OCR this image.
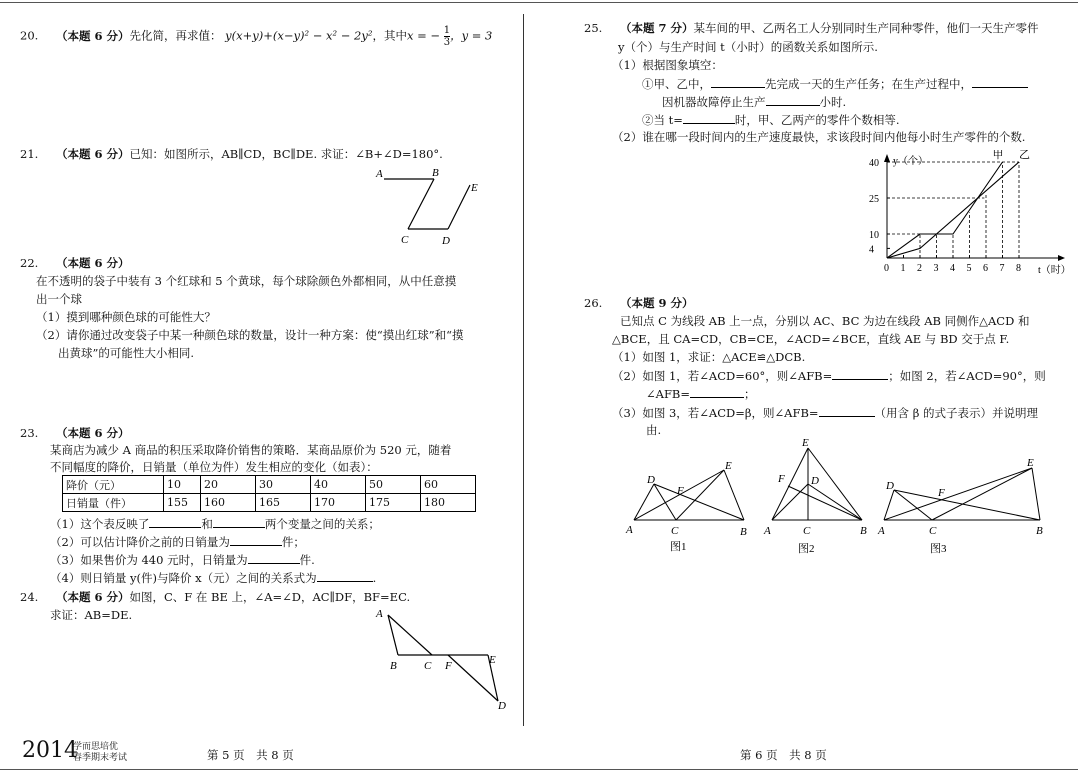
20. （本题 6 分）先化简，再求值： y(x+y)+(x−y)² − x² − 2y²，其中x = − $\frac{1}{3}$ ，y = 3
21. （本题 6 分）已知：如图所示，AB∥CD，BC∥DE. 求证：∠B+∠D=180°.
A	B
C	D
E
22. （本题 6 分）
在不透明的袋子中装有 3 个红球和 5 个黄球，每个球除颜色外都相同，从中任意摸
出一个球
（1）摸到哪种颜色球的可能性大？
（2）请你通过改变袋子中某一种颜色球的数量，设计一种方案：使“摸出红球”和“摸
出黄球”的可能性大小相同.
23. （本题 6 分）
某商店为减少 A 商品的积压采取降价销售的策略．某商品原价为 520 元，随着
不同幅度的降价，日销量（单位为件）发生相应的变化（如表）：
降价（元）	10	20	30	40	50	60
日销量（件）	155	160	165	170	175	180
（1）这个表反映了	和	两个变量之间的关系；
（2）可以估计降价之前的日销量为	件；
（3）如果售价为 440 元时，日销量为	件.
（4）则日销量 y(件)与降价 x（元）之间的关系式为	.
24. （本题 6 分）如图，C、F 在 BE 上，∠A=∠D，AC∥DF，BF=EC.
求证：AB=DE.	A
B C F	E
D
2014
学而思培优
春季期末考试	第 5 页　共 8 页
25. （本题 7 分）某车间的甲、乙两名工人分别同时生产同种零件，他们一天生产零件
y（个）与生产时间 t（小时）的函数关系如图所示.
（1）根据图象填空：
①甲、乙中，	先完成一天的生产任务；在生产过程中，
因机器故障停止生产	小时.
②当 t=	时，甲、乙两产的零件个数相等.
（2）谁在哪一段时间内的生产速度最快，求该段时间内他每小时生产零件的个数.
y（个）
t（时）
40
25
10
4
0 1 2 3 4 5 6 7 8
甲 乙
26. （本题 9 分）
已知点 C 为线段 AB 上一点，分别以 AC、BC 为边在线段 AB 同侧作△ACD 和
△BCE，且 CA=CD，CB=CE，∠ACD=∠BCE，直线 AE 与 BD 交于点 F.
（1）如图 1，求证：△ACE≌△DCB.
（2）如图 1，若∠ACD=60°，则∠AFB=	；如图 2，若∠ACD=90°，则
∠AFB=	；
（3）如图 3，若∠ACD=β，则∠AFB=	（用含 β 的式子表示）并说明理
由.
A	C	B
D
F
E
图1
E
F D
A	C	B
图2
D
F
E
A	C	B
图3
第 6 页　共 8 页
